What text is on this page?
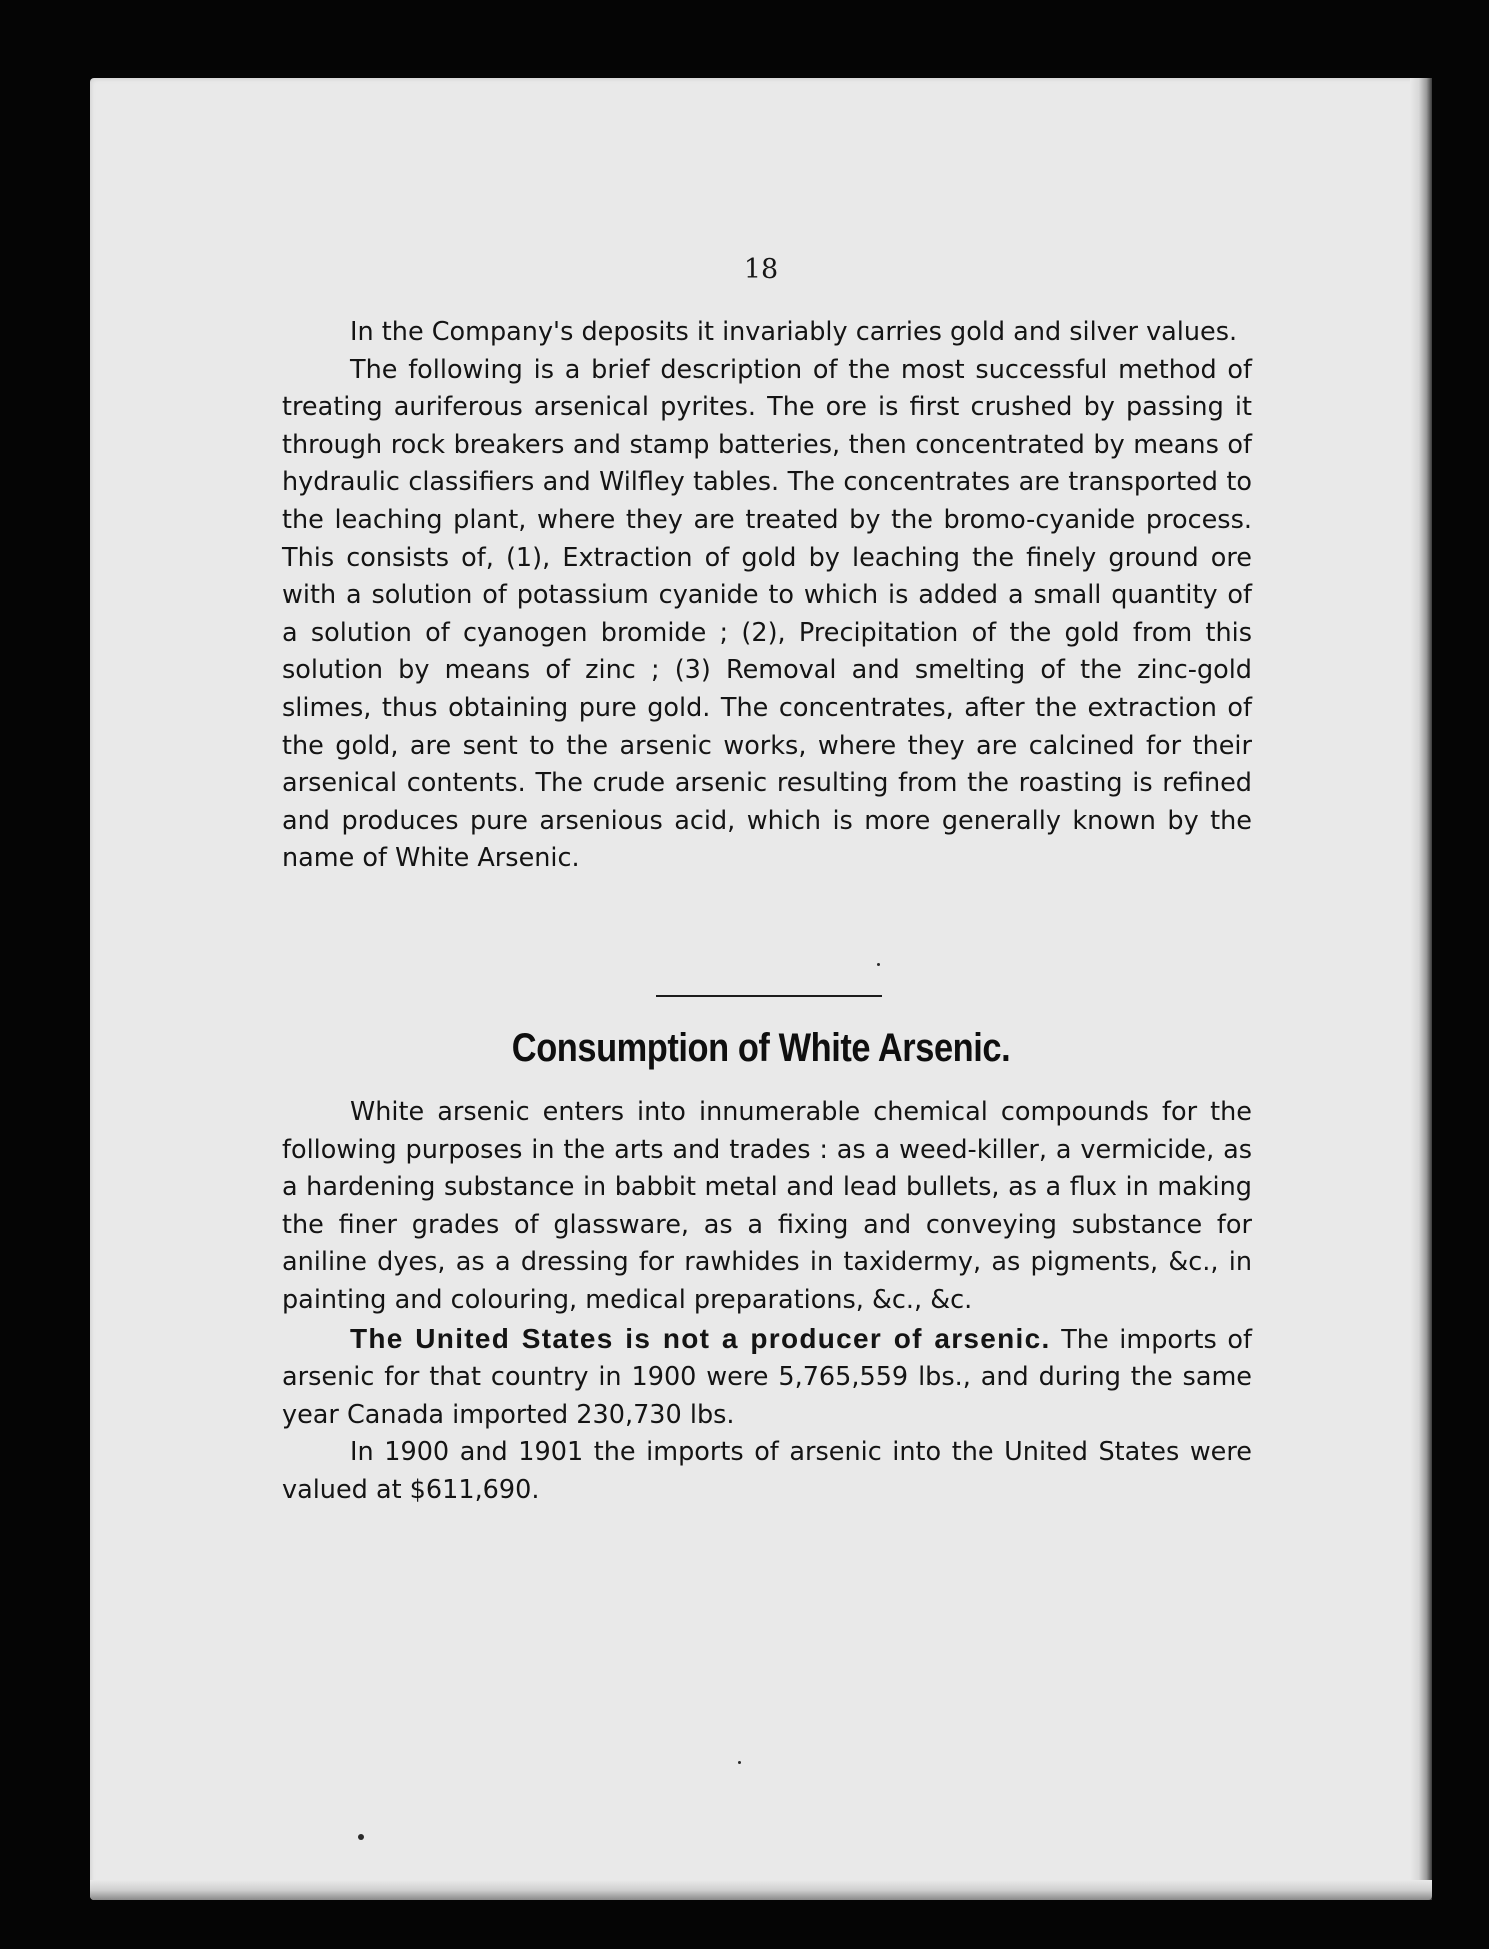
18

In the Company's deposits it invariably carries gold and silver values.

The following is a brief description of the most successful method of treating auriferous arsenical pyrites. The ore is first crushed by passing it through rock breakers and stamp batteries, then concentrated by means of hydraulic classifiers and Wilfley tables. The concentrates are transported to the leaching plant, where they are treated by the bromo-cyanide process. This consists of, (1), Extraction of gold by leaching the finely ground ore with a solution of potassium cyanide to which is added a small quantity of a solution of cyanogen bromide ; (2), Precipitation of the gold from this solution by means of zinc ; (3) Removal and smelting of the zinc-gold slimes, thus obtaining pure gold. The concentrates, after the extraction of the gold, are sent to the arsenic works, where they are calcined for their arsenical contents. The crude arsenic resulting from the roasting is refined and produces pure arsenious acid, which is more generally known by the name of White Arsenic.

Consumption of White Arsenic.

White arsenic enters into innumerable chemical compounds for the following purposes in the arts and trades : as a weed-killer, a vermicide, as a hardening substance in babbit metal and lead bullets, as a flux in making the finer grades of glassware, as a fixing and conveying substance for aniline dyes, as a dressing for rawhides in taxidermy, as pigments, &c., in painting and colouring, medical preparations, &c., &c.

The United States is not a producer of arsenic. The imports of arsenic for that country in 1900 were 5,765,559 lbs., and during the same year Canada imported 230,730 lbs.

In 1900 and 1901 the imports of arsenic into the United States were valued at $611,690.
